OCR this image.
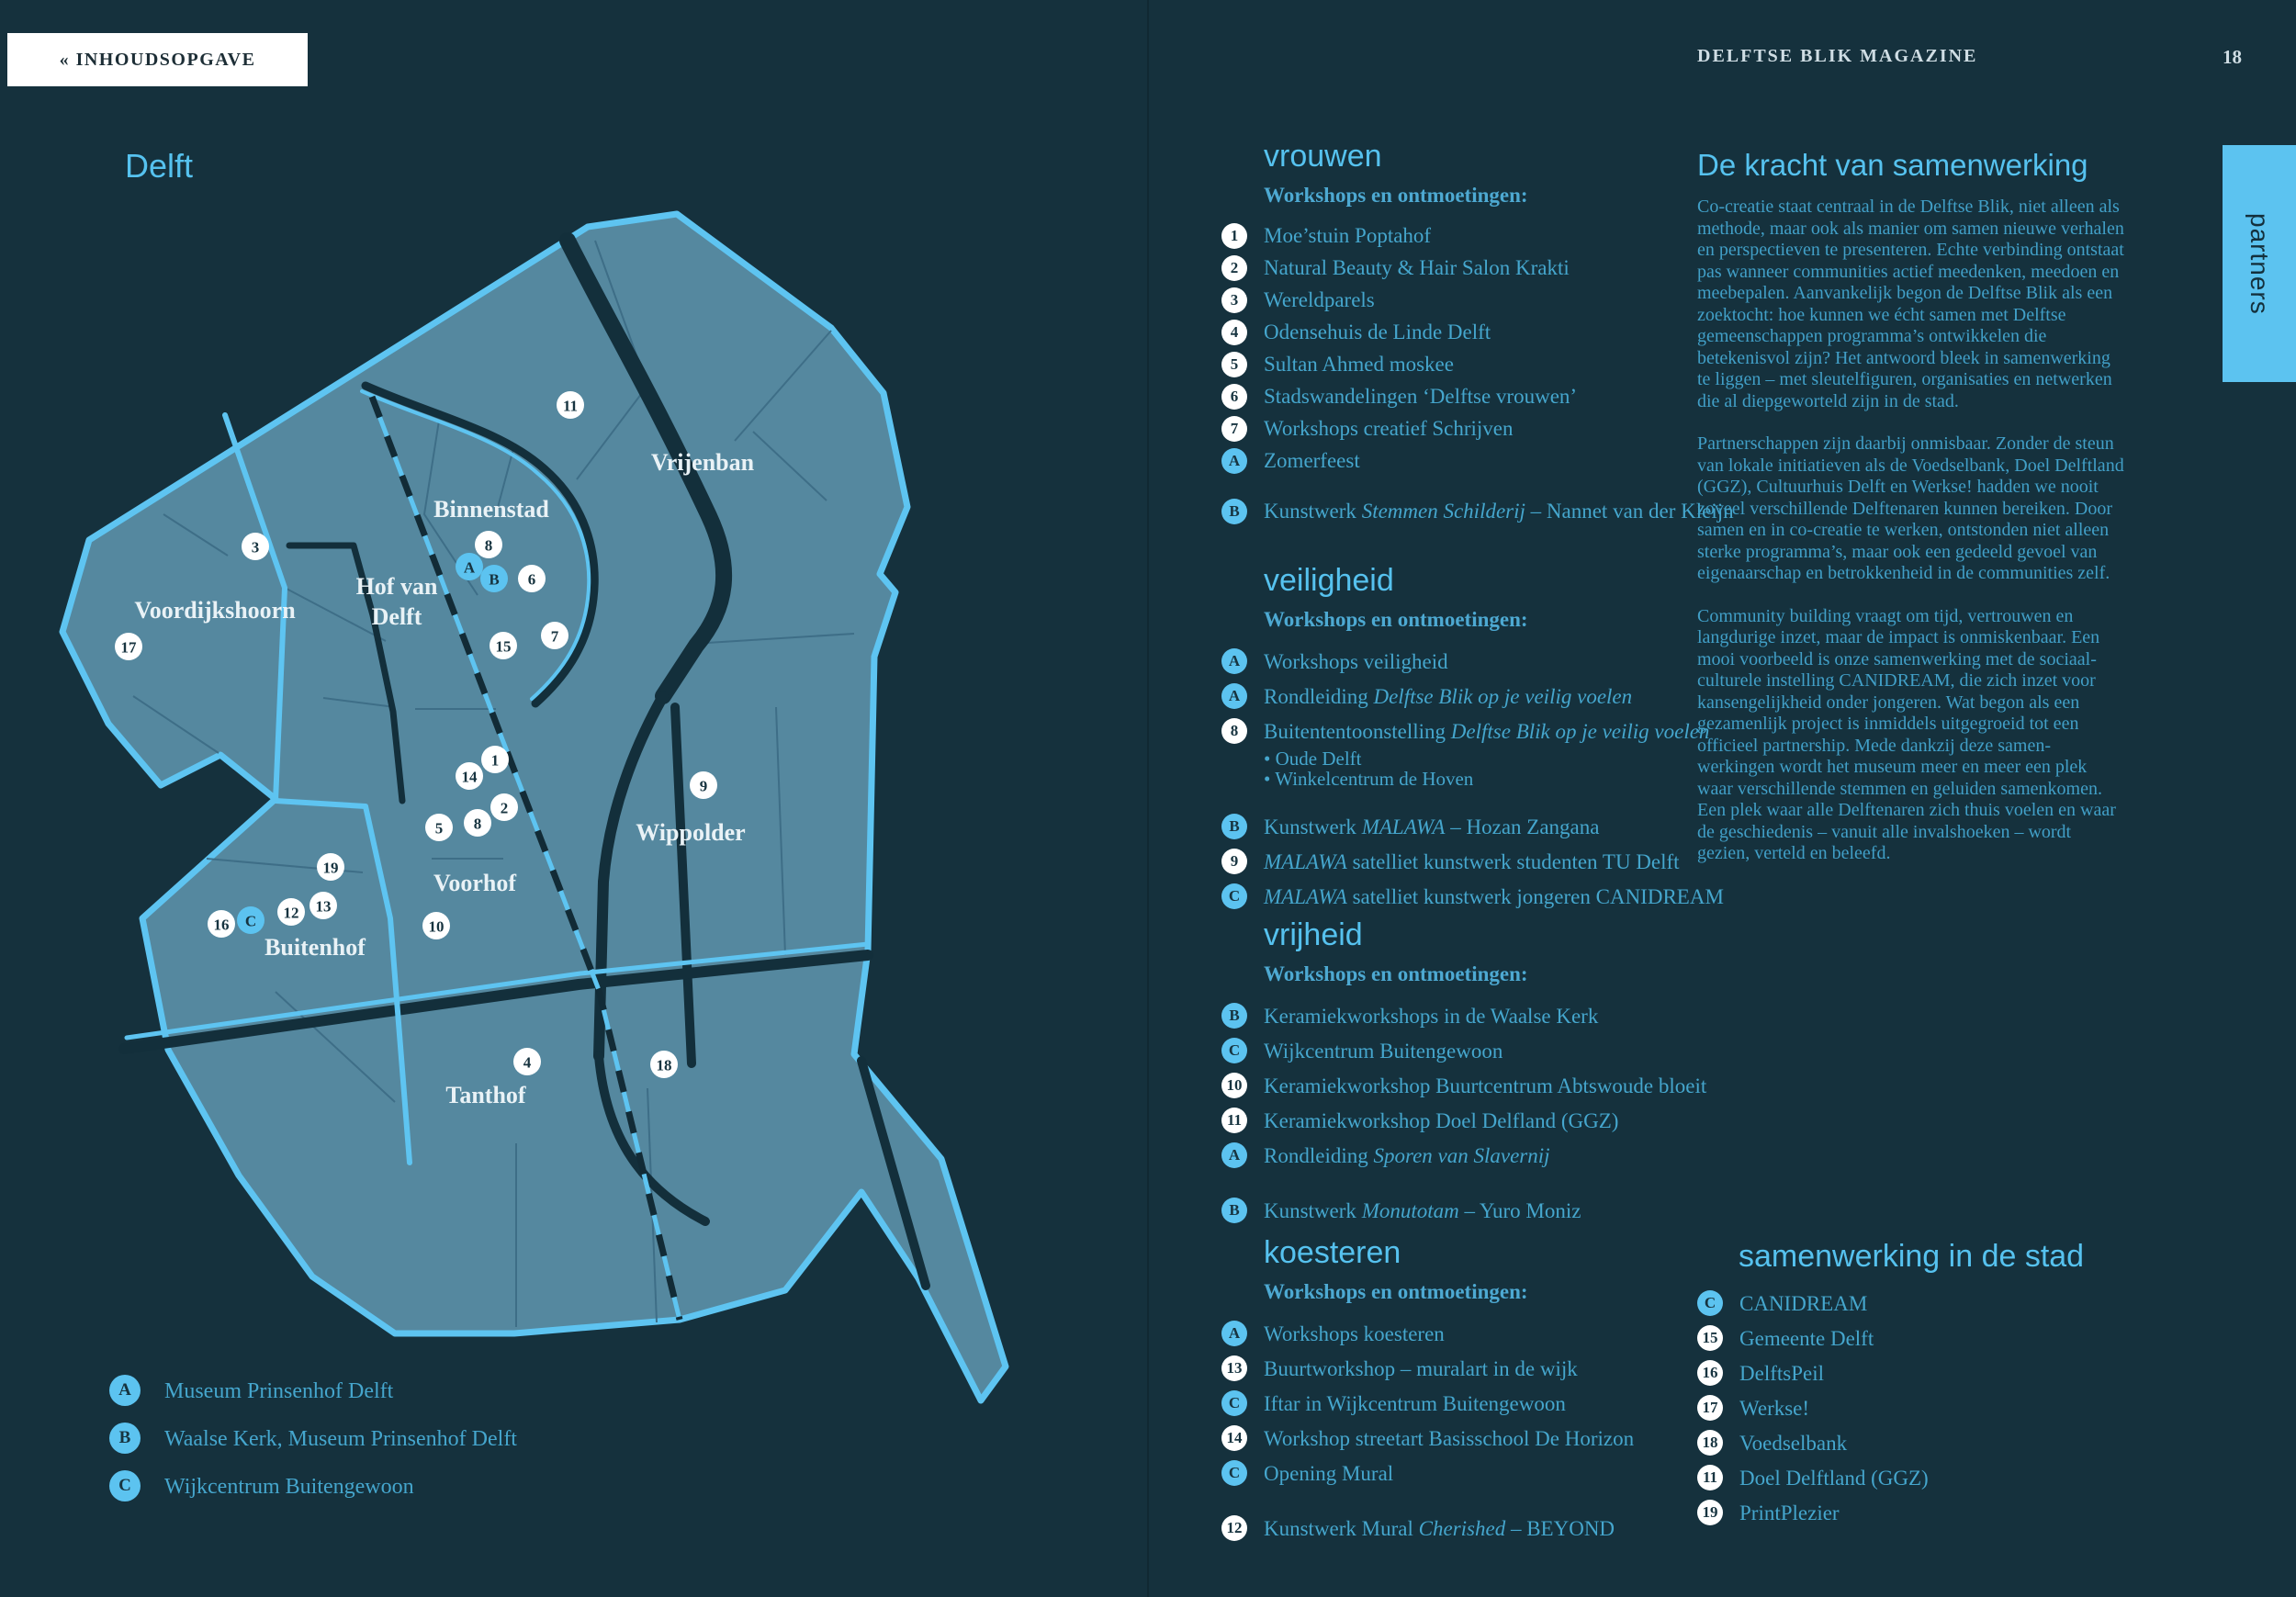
« INHOUDSOPGAVE	DELFTSE BLIK MAGAZINE	18
partners
Delft
Vrijenban
Binnenstad
Voordijkshoorn
Hof van
Delft
Wippolder
Voorhof
Buitenhof
Tanthof
1
2
3
4
5
6
7
8
8
9
10
11
12 13
14
15
16
17
18
19
A
B
C
A	Museum Prinsenhof Delft
B	Waalse Kerk, Museum Prinsenhof Delft
C	Wijkcentrum Buitengewoon
vrouwen

Workshops en ontmoetingen:

1	Moe’stuin Poptahof
2	Natural Beauty & Hair Salon Krakti
3	Wereldparels
4	Odensehuis de Linde Delft
5	Sultan Ahmed moskee
6	Stadswandelingen ‘Delftse vrouwen’
7	Workshops creatief Schrijven
A	Zomerfeest
B	Kunstwerk Stemmen Schilderij – Nannet van der Kleijn
veiligheid

Workshops en ontmoetingen:

A	Workshops veiligheid
A	Rondleiding Delftse Blik op je veilig voelen
8	Buitententoonstelling Delftse Blik op je veilig voelen
• Oude Delft
• Winkelcentrum de Hoven
B	Kunstwerk MALAWA – Hozan Zangana
9	MALAWA satelliet kunstwerk studenten TU Delft
C	MALAWA satelliet kunstwerk jongeren CANIDREAM
vrijheid

Workshops en ontmoetingen:

B	Keramiekworkshops in de Waalse Kerk
C	Wijkcentrum Buitengewoon
10 Keramiekworkshop Buurtcentrum Abtswoude bloeit
11 Keramiekworkshop Doel Delfland (GGZ)
A	Rondleiding Sporen van Slavernij
B	Kunstwerk Monutotam – Yuro Moniz
koesteren

Workshops en ontmoetingen:

A	Workshops koesteren
13 Buurtworkshop – muralart in de wijk
C	Iftar in Wijkcentrum Buitengewoon
14 Workshop streetart Basisschool De Horizon
C	Opening Mural
12 Kunstwerk Mural Cherished – BEYOND
De kracht van samenwerking

Co-creatie staat centraal in de Delftse Blik, niet alleen als methode, maar ook als manier om samen nieuwe verhalen en perspectieven te presenteren. Echte verbinding ontstaat pas wanneer communities actief meedenken, meedoen en meebepalen. Aanvankelijk begon de Delftse Blik als een zoektocht: hoe kunnen we écht samen met Delftse gemeenschappen programma’s ontwikkelen die betekenisvol zijn? Het antwoord bleek in samenwerking te liggen – met sleutelfiguren, organisaties en netwerken die al diepgeworteld zijn in de stad.

Partnerschappen zijn daarbij onmisbaar. Zonder de steun van lokale initiatieven als de Voedselbank, Doel Delftland (GGZ), Cultuurhuis Delft en Werkse! hadden we nooit zoveel verschillende Delftenaren kunnen bereiken. Door samen en in co-creatie te werken, ontstonden niet alleen sterke programma’s, maar ook een gedeeld gevoel van eigenaarschap en betrokkenheid in de communities zelf.

Community building vraagt om tijd, vertrouwen en langdurige inzet, maar de impact is onmiskenbaar. Een mooi voorbeeld is onze samenwerking met de sociaal-culturele instelling CANIDREAM, die zich inzet voor kansengelijkheid onder jongeren. Wat begon als een gezamenlijk project is inmiddels uitgegroeid tot een officieel partnership. Mede dankzij deze samen-werkingen wordt het museum meer en meer een plek waar verschillende stemmen en geluiden samenkomen. Een plek waar alle Delftenaren zich thuis voelen en waar de geschiedenis – vanuit alle invalshoeken – wordt gezien, verteld en beleefd.

samenwerking in de stad
C	CANIDREAM
15 Gemeente Delft
16 DelftsPeil
17 Werkse!
18 Voedselbank
11 Doel Delftland (GGZ)
19 PrintPlezier
